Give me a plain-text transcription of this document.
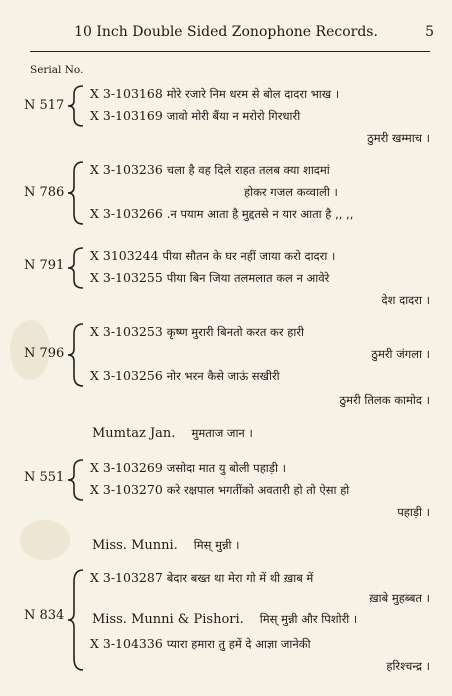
10 Inch Double Sided Zonophone Records.	5
Serial No.
N 517
X 3-103168 मोरे रजारे निम धरम से बोल दादरा भाख ।
X 3-103169 जावो मोरी बैंया न मरोरो गिरधारी
ठुमरी खम्माच ।
N 786
X 3-103236 चला है वह दिले राहत तलब क्या शादमां
होकर गजल कव्वाली ।
X 3-103266 .न पयाम आता है मुद्दतसे न यार आता है ,, ,,
N 791
X 3103244 पीया सौतन के घर नहीं जाया करो दादरा ।
X 3-103255 पीया बिन जिया तलमलात कल न आवेरे
देश दादरा ।
N 796
X 3-103253 कृष्ण मुरारी बिनतो करत कर हारी
ठुमरी जंगला ।
X 3-103256 नोर भरन कैसे जाऊं सखीरी
ठुमरी तिलक कामोद ।
Mumtaz Jan. मुमताज जान ।
N 551
X 3-103269 जसोदा मात यु बोली पहाड़ी ।
X 3-103270 करे रक्षपाल भगतींको अवतारी हो तो ऐसा हो
पहाड़ी ।
Miss. Munni. मिस् मुन्नी ।
N 834
X 3-103287 बेदार बख्त था मेरा गो में थी ख़ाब में
ख़ाबे मुहब्बत ।
Miss. Munni & Pishori. मिस् मुन्नी और पिशोरी ।
X 3-104336 प्यारा हमारा तु हमें दे आज्ञा जानेकी
हरिश्चन्द्र ।
